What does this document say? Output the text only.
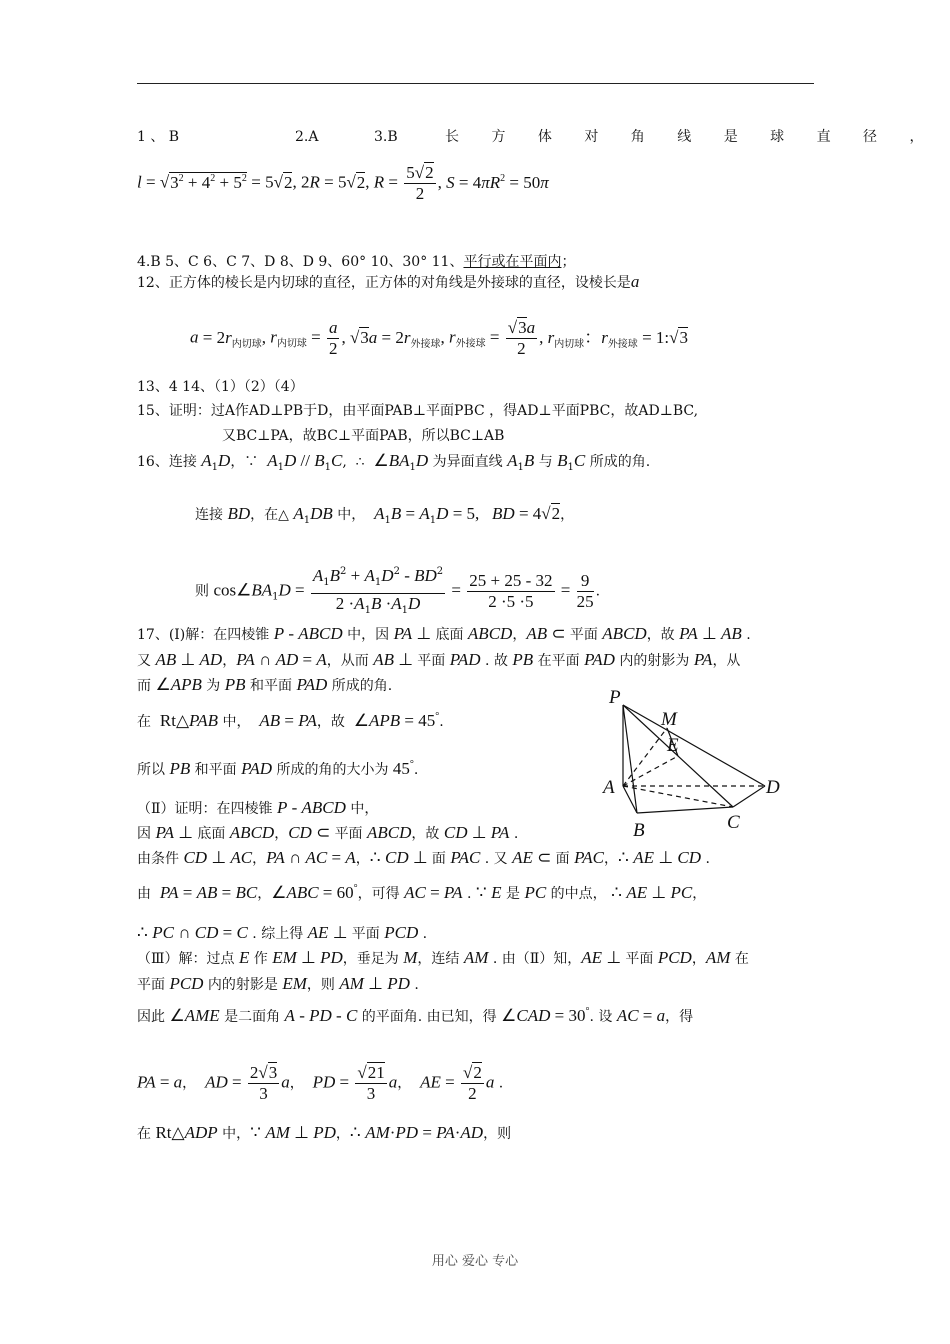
1 、 B	2.A	3.B	长 方 体 对 角 线 是 球 直 径 ，
$l = √3^2 + 4^2 + 5^2 = 5√2$, 2R = 5√2, $R = \frac{5√2}{2}$ , $S = 4\pi R^2 = 50\pi$
4.B 5、C 6、C 7、D 8、D 9、60° 10、30° 11、平行或在平面内；
12、正方体的棱长是内切球的直径，正方体的对角线是外接球的直径，设棱长是a
$a = 2r_{内切球}$, $r_{内切球} = \frac{a}{2}$ , $√3a = 2r_{外接球}$, $r_{外接球} = \frac{√3a}{2}$ , $r_{内切球}$：$r_{外接球}$ = 1:√3
13、4 14、（1）（2）（4）
15、证明：过A作AD⊥PB于D，由平面PAB⊥平面PBC ，得AD⊥平面PBC，故AD⊥BC,
又BC⊥PA，故BC⊥平面PAB，所以BC⊥AB
16、连接 $A_1D$，∵  $A_1D // B_1C$,  ∴  $\angle BA_1D$ 为异面直线 $A_1B$ 与 $B_1C$ 所成的角.
连接 BD，在△ $A_1DB$ 中，  $A_1B = A_1D = 5$,   BD = 4√2，
则 $\cos\angle BA_1D = \frac{A_1B^2 + A_1D^2 - BD^2}{2 \cdot A_1B \cdot A_1D} = \frac{25 + 25 - 32}{2 \cdot 5 \cdot 5} = \frac{9}{25}$ .
17、(Ⅰ)解：在四棱锥 P - ABCD 中，因 PA ⊥ 底面 ABCD，AB ⊂ 平面 ABCD，故 PA ⊥ AB .
又 AB ⊥ AD，PA ∩ AD = A，从而 AB ⊥ 平面 PAD . 故 PB 在平面 PAD 内的射影为 PA，从
而 ∠APB 为 PB 和平面 PAD 所成的角.
在  Rt△PAB 中，  AB = PA，故  ∠APB = 45°.
所以 PB 和平面 PAD 所成的角的大小为 45°.
（Ⅱ）证明：在四棱锥 P - ABCD 中，
因 PA ⊥ 底面 ABCD，CD ⊂ 平面 ABCD，故 CD ⊥ PA .
由条件 CD ⊥ AC，PA ∩ AC = A，∴ CD ⊥ 面 PAC . 又 AE ⊂ 面 PAC，∴ AE ⊥ CD .
由  PA = AB = BC，∠ABC = 60°，可得 AC = PA . ∵ E 是 PC 的中点， ∴ AE ⊥ PC，
∴ PC ∩ CD = C . 综上得 AE ⊥ 平面 PCD .
（Ⅲ）解：过点 E 作 EM ⊥ PD，垂足为 M，连结 AM . 由（Ⅱ）知，AE ⊥ 平面 PCD，AM 在
平面 PCD 内的射影是 EM，则 AM ⊥ PD .
因此 ∠AME 是二面角 A - PD - C 的平面角. 由已知，得 ∠CAD = 30°. 设 AC = a，得
PA = a，  AD = $\frac{2√3}{3}$ a，  PD = $\frac{√21}{3}$ a，  AE = $\frac{√2}{2}$ a .
在 Rt△ADP 中，∵ AM ⊥ PD，∴ AM·PD = PA·AD，则
P
M
E
A	D
B	C
用心 爱心 专心
